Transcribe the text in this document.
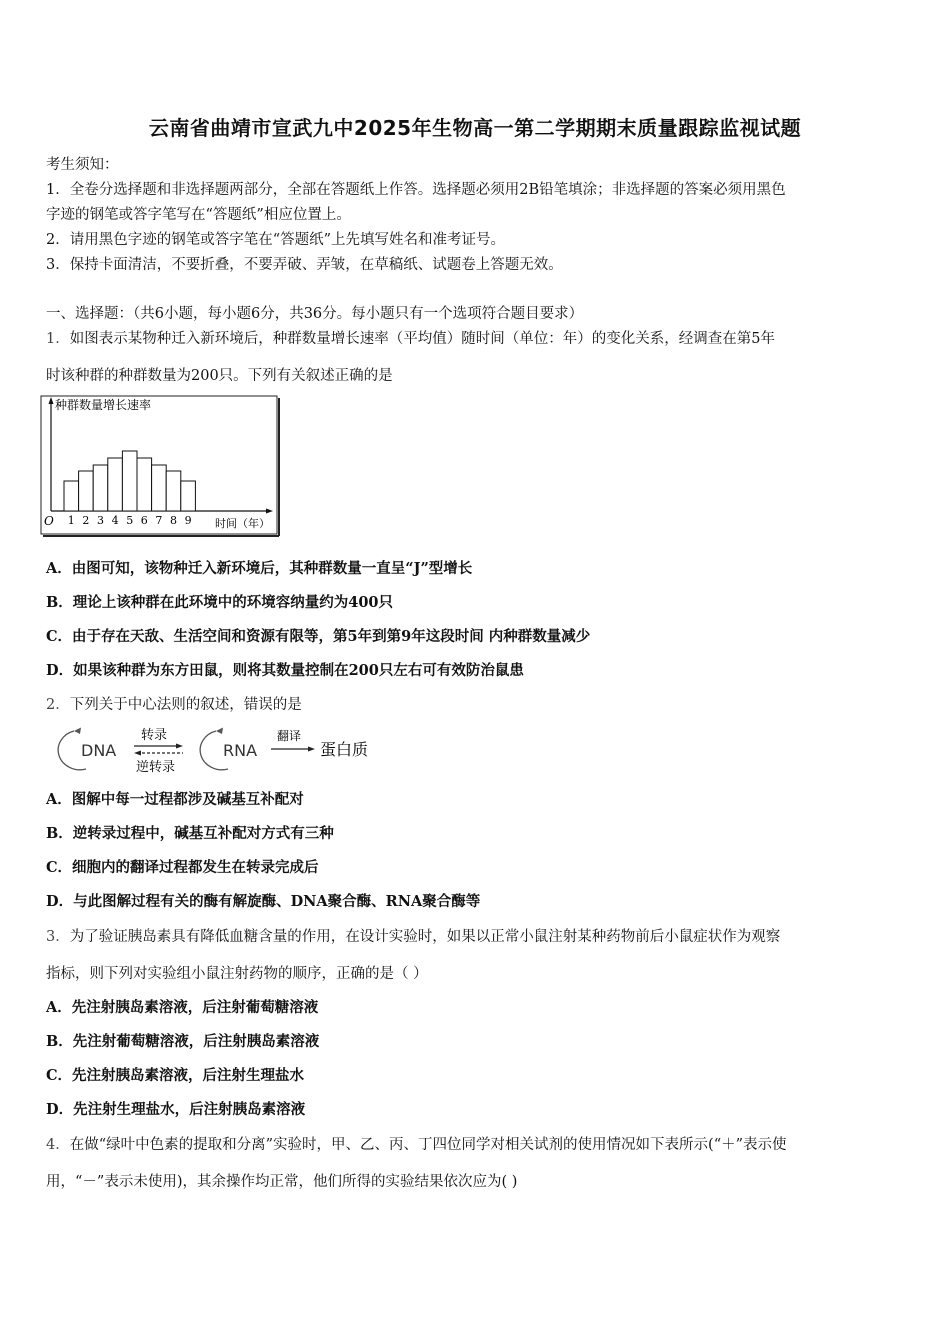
云南省曲靖市宣武九中2025年生物高一第二学期期末质量跟踪监视试题
考生须知：
1．全卷分选择题和非选择题两部分，全部在答题纸上作答。选择题必须用2B铅笔填涂；非选择题的答案必须用黑色
字迹的钢笔或答字笔写在“答题纸”相应位置上。
2．请用黑色字迹的钢笔或答字笔在“答题纸”上先填写姓名和准考证号。
3．保持卡面清洁，不要折叠，不要弄破、弄皱，在草稿纸、试题卷上答题无效。
一、选择题：（共6小题，每小题6分，共36分。每小题只有一个选项符合题目要求）
1．如图表示某物种迁入新环境后，种群数量增长速率（平均值）随时间（单位：年）的变化关系，经调查在第5年
时该种群的种群数量为200只。下列有关叙述正确的是
种群数量增长速率
O	时间（年）
1 2 3 4 5 6 7 8 9
A．由图可知，该物种迁入新环境后，其种群数量一直呈“J”型增长
B．理论上该种群在此环境中的环境容纳量约为400只
C．由于存在天敌、生活空间和资源有限等，第5年到第9年这段时间 内种群数量减少
D．如果该种群为东方田鼠，则将其数量控制在200只左右可有效防治鼠患
2．下列关于中心法则的叙述，错误的是
DNA
转录
逆转录
RNA
翻译
蛋白质
A．图解中每一过程都涉及碱基互补配对
B．逆转录过程中，碱基互补配对方式有三种
C．细胞内的翻译过程都发生在转录完成后
D．与此图解过程有关的酶有解旋酶、DNA聚合酶、RNA聚合酶等
3．为了验证胰岛素具有降低血糖含量的作用，在设计实验时，如果以正常小鼠注射某种药物前后小鼠症状作为观察
指标，则下列对实验组小鼠注射药物的顺序，正确的是（ ）
A．先注射胰岛素溶液，后注射葡萄糖溶液
B．先注射葡萄糖溶液，后注射胰岛素溶液
C．先注射胰岛素溶液，后注射生理盐水
D．先注射生理盐水，后注射胰岛素溶液
4．在做“绿叶中色素的提取和分离”实验时，甲、乙、丙、丁四位同学对相关试剂的使用情况如下表所示(“＋”表示使
用，“－”表示未使用)，其余操作均正常，他们所得的实验结果依次应为( )
